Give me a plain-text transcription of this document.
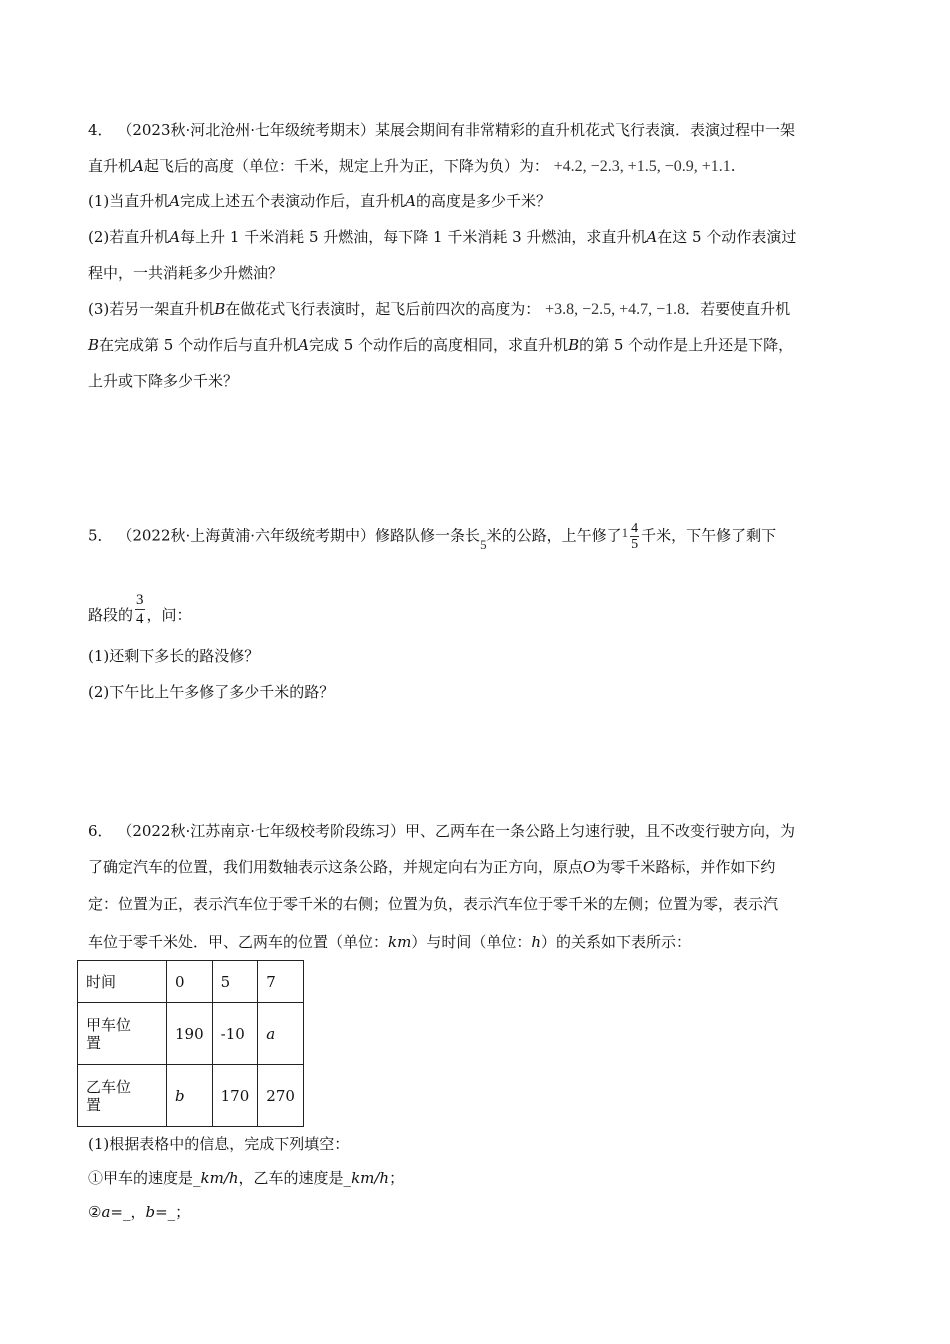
4． （2023秋·河北沧州·七年级统考期末）某展会期间有非常精彩的直升机花式飞行表演．表演过程中一架
直升机A起飞后的高度（单位：千米，规定上升为正，下降为负）为： +4.2, −2.3, +1.5, −0.9, +1.1.
(1)当直升机A完成上述五个表演动作后，直升机A的高度是多少千米？
(2)若直升机A每上升 1 千米消耗 5 升燃油，每下降 1 千米消耗 3 升燃油，求直升机A在这 5 个动作表演过
程中，一共消耗多少升燃油？
(3)若另一架直升机B在做花式飞行表演时，起飞后前四次的高度为： +3.8, −2.5, +4.7, −1.8．若要使直升机
B在完成第 5 个动作后与直升机A完成 5 个动作后的高度相同，求直升机B的第 5 个动作是上升还是下降，
上升或下降多少千米？
5． （2022秋·上海黄浦·六年级统考期中）修路队修一条长5米的公路，上午修了$1 \frac{4}{5}$ 千米，下午修了剩下
路段的 $\frac{3}{4}$ ，问：
(1)还剩下多长的路没修？
(2)下午比上午多修了多少千米的路？
6． （2022秋·江苏南京·七年级校考阶段练习）甲、乙两车在一条公路上匀速行驶，且不改变行驶方向，为
了确定汽车的位置，我们用数轴表示这条公路，并规定向右为正方向，原点O为零千米路标，并作如下约
定：位置为正，表示汽车位于零千米的右侧；位置为负，表示汽车位于零千米的左侧；位置为零，表示汽
车位于零千米处．甲、乙两车的位置（单位：km）与时间（单位：h）的关系如下表所示：
时间	0	5	7

甲车位
置	190	-10	a

乙车位
置	b	170	270
(1)根据表格中的信息，完成下列填空：
①甲车的速度是_km/h，乙车的速度是_km/h；
②a=_，b=_；
